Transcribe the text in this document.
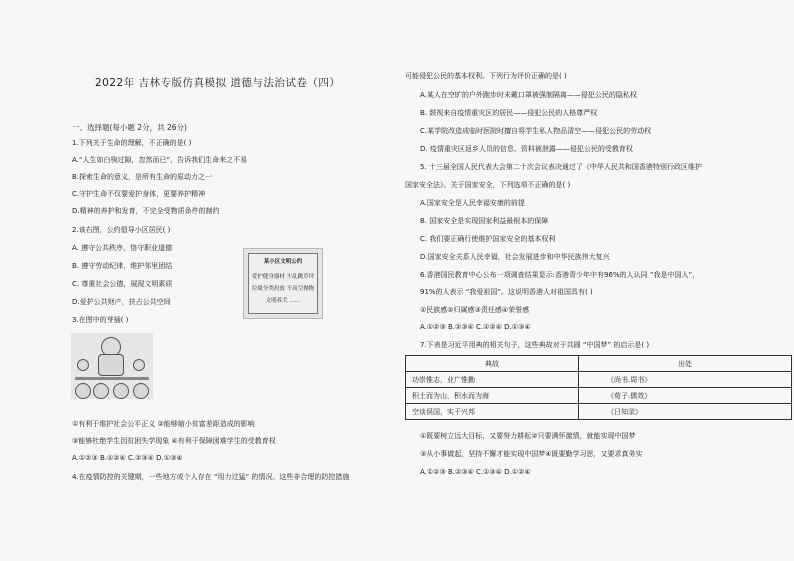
2022年 吉林专版仿真模拟 道德与法治试卷（四）
一、选择题(每小题 2分，共 26分)
1.下列关于生命的理解，不正确的是( )
A.“人生如白驹过隙，忽然而已”，告诉我们生命来之不易
B.探索生命的意义，是所有生命的原动力之一
C.守护生命不仅要爱护身体，更要养护精神
D.精神的养护和发育，不完全受物质条件的制约
2.该右图，公约倡导小区居民( )
A. 遵守公共秩序，恪守职业道德
B. 遵守劳动纪律，维护邻里团结
C. 尊重社会公德，展现文明素质
D.爱护公共财产，扶占公共空间
3.在图中的芽插( )
某小区文明公约
爱护健身器材 不乱跳草坪
垃圾分类投放 不高空抛物
文明养犬 ……
①有利于维护社会公平正义 ②能够缩小贫富差距造成的影响
③能够杜绝学生因贫困失学现象 ④有利于保障困难学生的受教育权
A.①②③ B.①②④ C.②③④ D.①③④
4.在疫情防控的关键期，一些地方或个人存在 “用力过猛” 的情况。这些非合理的防控措施
可能侵犯公民的基本权利。下列行为评价正确的是( )
A.某人在空旷的户外跑步时未戴口罩被强制隔离——侵犯公民的隐私权
B. 鼓视来自疫情重灾区的居民——侵犯公民的人格尊严权
C.某学院改造成临时医院时擅自将学生私人物品清空——侵犯公民的劳动权
D. 疫情重灾区返乡人员的信息、资料被泄露——侵犯公民的受教育权
5. 十三届全国人民代表大会第二十次会议表决通过了《中华人民共和国香港特别行政区维护
国家安全法》。关于国家安全，下列选项不正确的是( )
A.国家安全是人民幸福安康的前提
B. 国家安全是实现国家利益最根本的保障
C. 我们要正确行使维护国家安全的基本权利
D.国家安全关系人民幸福，社会发展进步和中华民族伟大复兴
6.香港国民教育中心公布一项调查结果显示:香港青少年中有96%的人认同 “我是中国人”，
91%的人表示 “我爱祖国”。这说明香港人对祖国具有( )
①民族感②归属感③责任感④荣誉感
A.①②③ B.②③④ C.①②④ D.①③④
7.下表是习近平用典的相关句子，这些典故对于共圆 “中国梦” 的启示是( )
典故	出处
功崇惟志，业广惟勤	《尚书.周书》
积土而为山，积水而为海	《荀子.儒效》
空谈误国，实干兴邦	《日知录》
①既要树立远大目标，又要努力耕耘②只要满怀激情，就能实现中国梦
③从小事做起，坚持不懈才能实现中国梦④既要勤学习思，又要求真务实
A.①②③ B.②③④ C.①③④ D.①②④
